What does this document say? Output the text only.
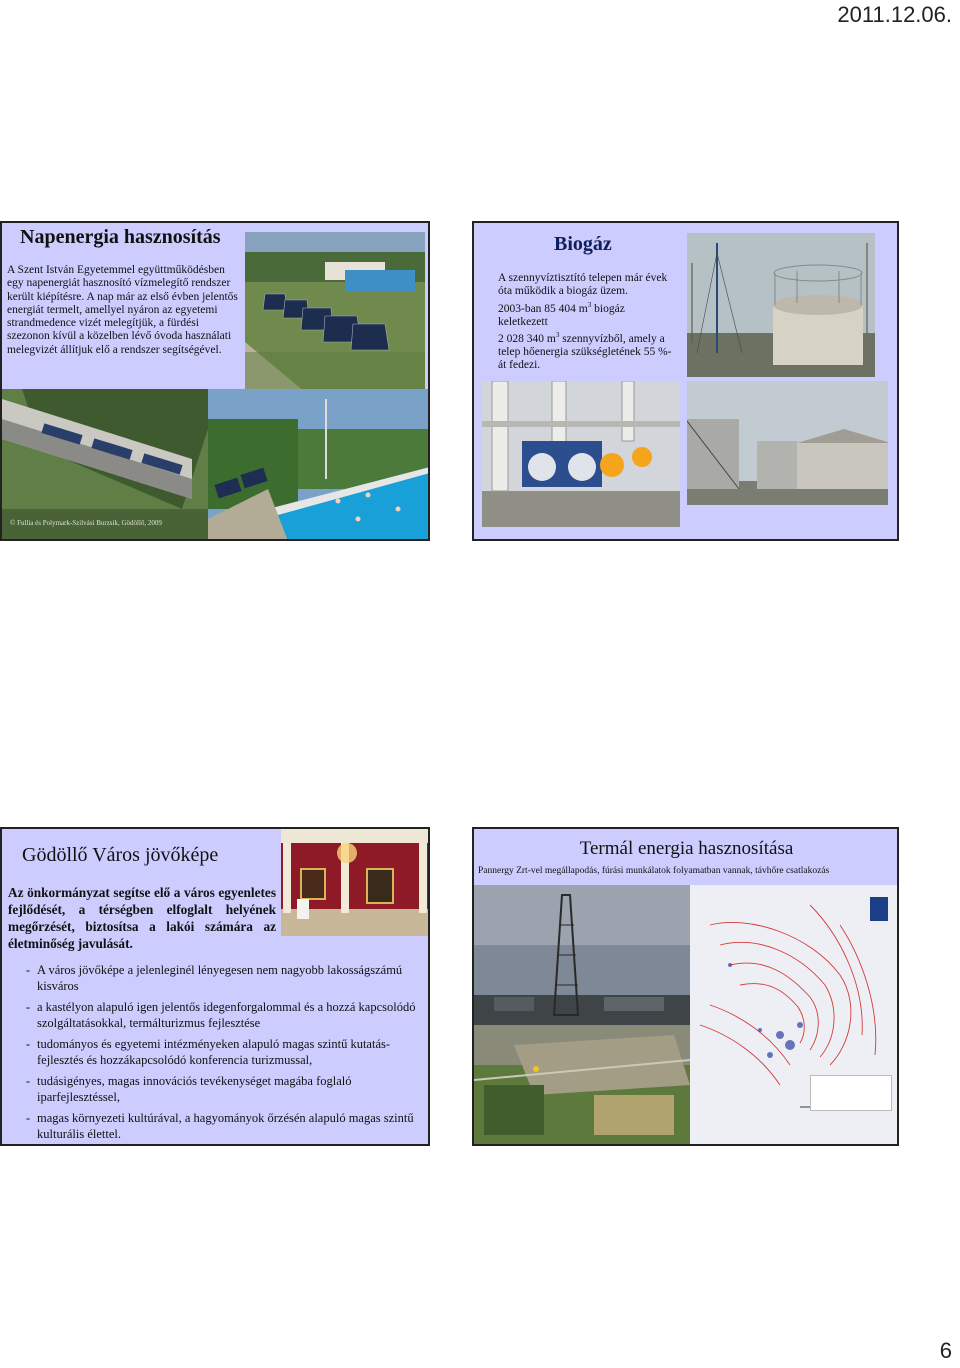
2011.12.06.
Napenergia hasznosítás
A Szent István Egyetemmel együttműködésben egy napenergiát hasznosító vízmelegítő rendszer került kiépítésre. A nap már az első évben jelentős energiát termelt, amellyel nyáron az egyetemi strandmedence vizét melegítjük, a fürdési szezonon kívül a közelben lévő óvoda használati melegvizét állítjuk elő a rendszer segítségével.
© Fullia és Polymark-Szilvási Burzsik, Gödöllő, 2009
Biogáz
A szennyvíztisztító telepen már évek óta működik a biogáz üzem.
2003-ban 85 404 $m^3$ biogáz keletkezett
2 028 340 $m^3$ szennyvízből, amely a telep hőenergia szükségletének 55 %-át fedezi.
Gödöllő Város jövőképe
Az önkormányzat segítse elő a város egyenletes fejlődését, a térségben elfoglalt helyének megőrzését, biztosítsa a lakói számára az életminőség javulását.
- A város jövőképe a jelenleginél lényegesen nem nagyobb lakosságszámú kisváros
- a kastélyon alapuló igen jelentős idegenforgalommal és a hozzá kapcsolódó szolgáltatásokkal, termálturizmus fejlesztése
- tudományos és egyetemi intézményeken alapuló magas szintű kutatás-fejlesztés és hozzákapcsolódó konferencia turizmussal,
- tudásigényes, magas innovációs tevékenységet magába foglaló iparfejlesztéssel,
- magas környezeti kultúrával, a hagyományok őrzésén alapuló magas szintű kulturális élettel.
Termál energia hasznosítása
Pannergy Zrt-vel megállapodás, fúrási munkálatok folyamatban vannak, távhőre csatlakozás
6
